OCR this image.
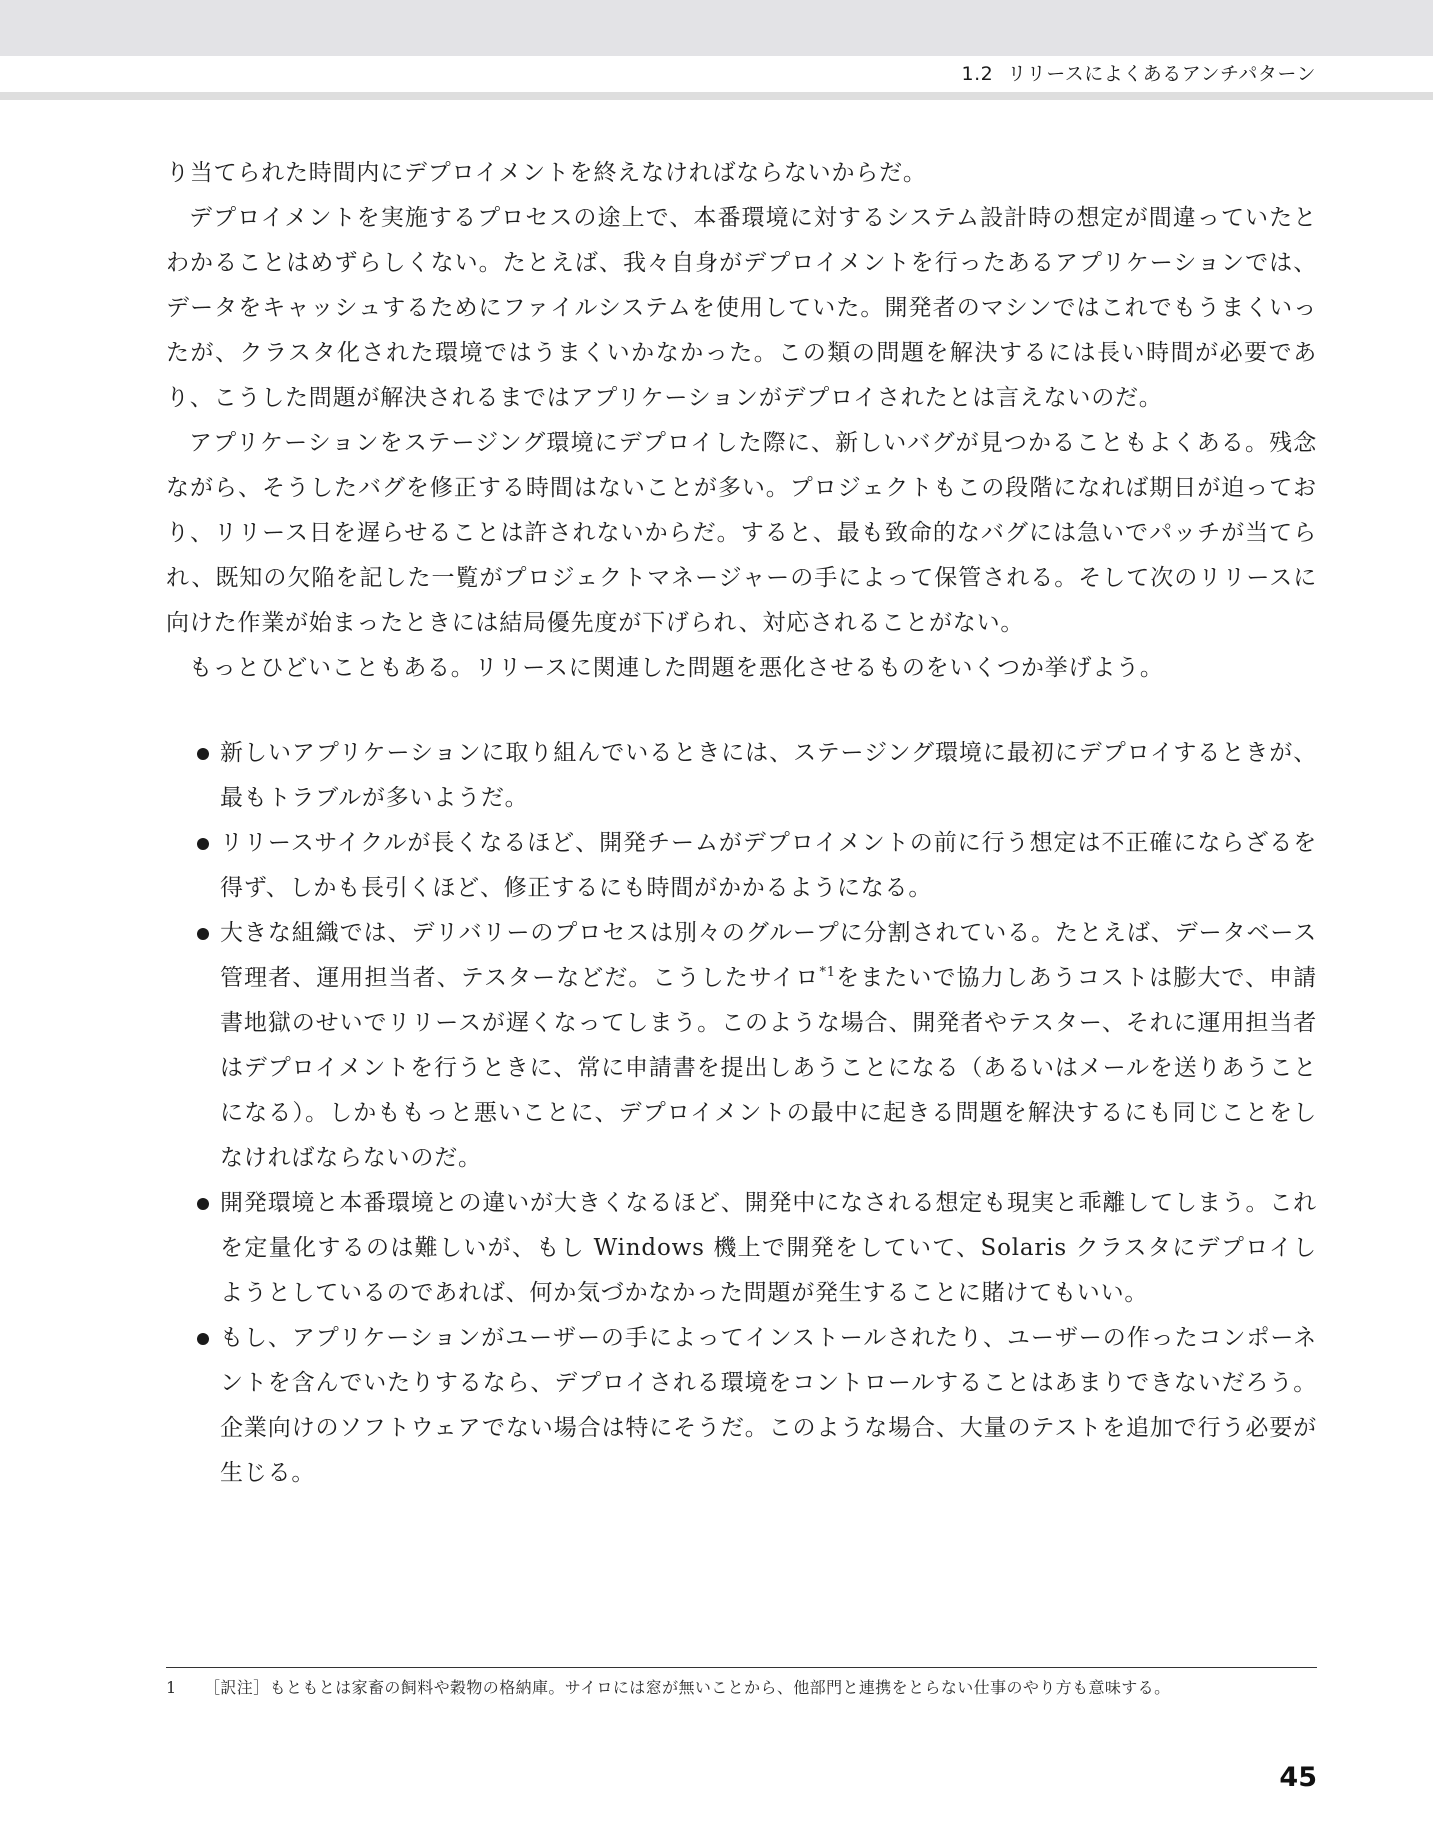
1.2 リリースによくあるアンチパターン

り当てられた時間内にデプロイメントを終えなければならないからだ。

デプロイメントを実施するプロセスの途上で、本番環境に対するシステム設計時の想定が間違っていたとわかることはめずらしくない。たとえば、我々自身がデプロイメントを行ったあるアプリケーションでは、データをキャッシュするためにファイルシステムを使用していた。開発者のマシンではこれでもうまくいったが、クラスタ化された環境ではうまくいかなかった。この類の問題を解決するには長い時間が必要であり、こうした問題が解決されるまではアプリケーションがデプロイされたとは言えないのだ。

アプリケーションをステージング環境にデプロイした際に、新しいバグが見つかることもよくある。残念ながら、そうしたバグを修正する時間はないことが多い。プロジェクトもこの段階になれば期日が迫っており、リリース日を遅らせることは許されないからだ。すると、最も致命的なバグには急いでパッチが当てられ、既知の欠陥を記した一覧がプロジェクトマネージャーの手によって保管される。そして次のリリースに向けた作業が始まったときには結局優先度が下げられ、対応されることがない。

もっとひどいこともある。リリースに関連した問題を悪化させるものをいくつか挙げよう。

新しいアプリケーションに取り組んでいるときには、ステージング環境に最初にデプロイするときが、最もトラブルが多いようだ。
リリースサイクルが長くなるほど、開発チームがデプロイメントの前に行う想定は不正確にならざるを得ず、しかも長引くほど、修正するにも時間がかかるようになる。
大きな組織では、デリバリーのプロセスは別々のグループに分割されている。たとえば、データベース管理者、運用担当者、テスターなどだ。こうしたサイロ$^{*1}$をまたいで協力しあうコストは膨大で、申請書地獄のせいでリリースが遅くなってしまう。このような場合、開発者やテスター、それに運用担当者はデプロイメントを行うときに、常に申請書を提出しあうことになる（あるいはメールを送りあうことになる）。しかももっと悪いことに、デプロイメントの最中に起きる問題を解決するにも同じことをしなければならないのだ。
開発環境と本番環境との違いが大きくなるほど、開発中になされる想定も現実と乖離してしまう。これを定量化するのは難しいが、もし Windows 機上で開発をしていて、Solaris クラスタにデプロイしようとしているのであれば、何か気づかなかった問題が発生することに賭けてもいい。
もし、アプリケーションがユーザーの手によってインストールされたり、ユーザーの作ったコンポーネントを含んでいたりするなら、デプロイされる環境をコントロールすることはあまりできないだろう。企業向けのソフトウェアでない場合は特にそうだ。このような場合、大量のテストを追加で行う必要が生じる。
1	［訳注］もともとは家畜の飼料や穀物の格納庫。サイロには窓が無いことから、他部門と連携をとらない仕事のやり方も意味する。
45
